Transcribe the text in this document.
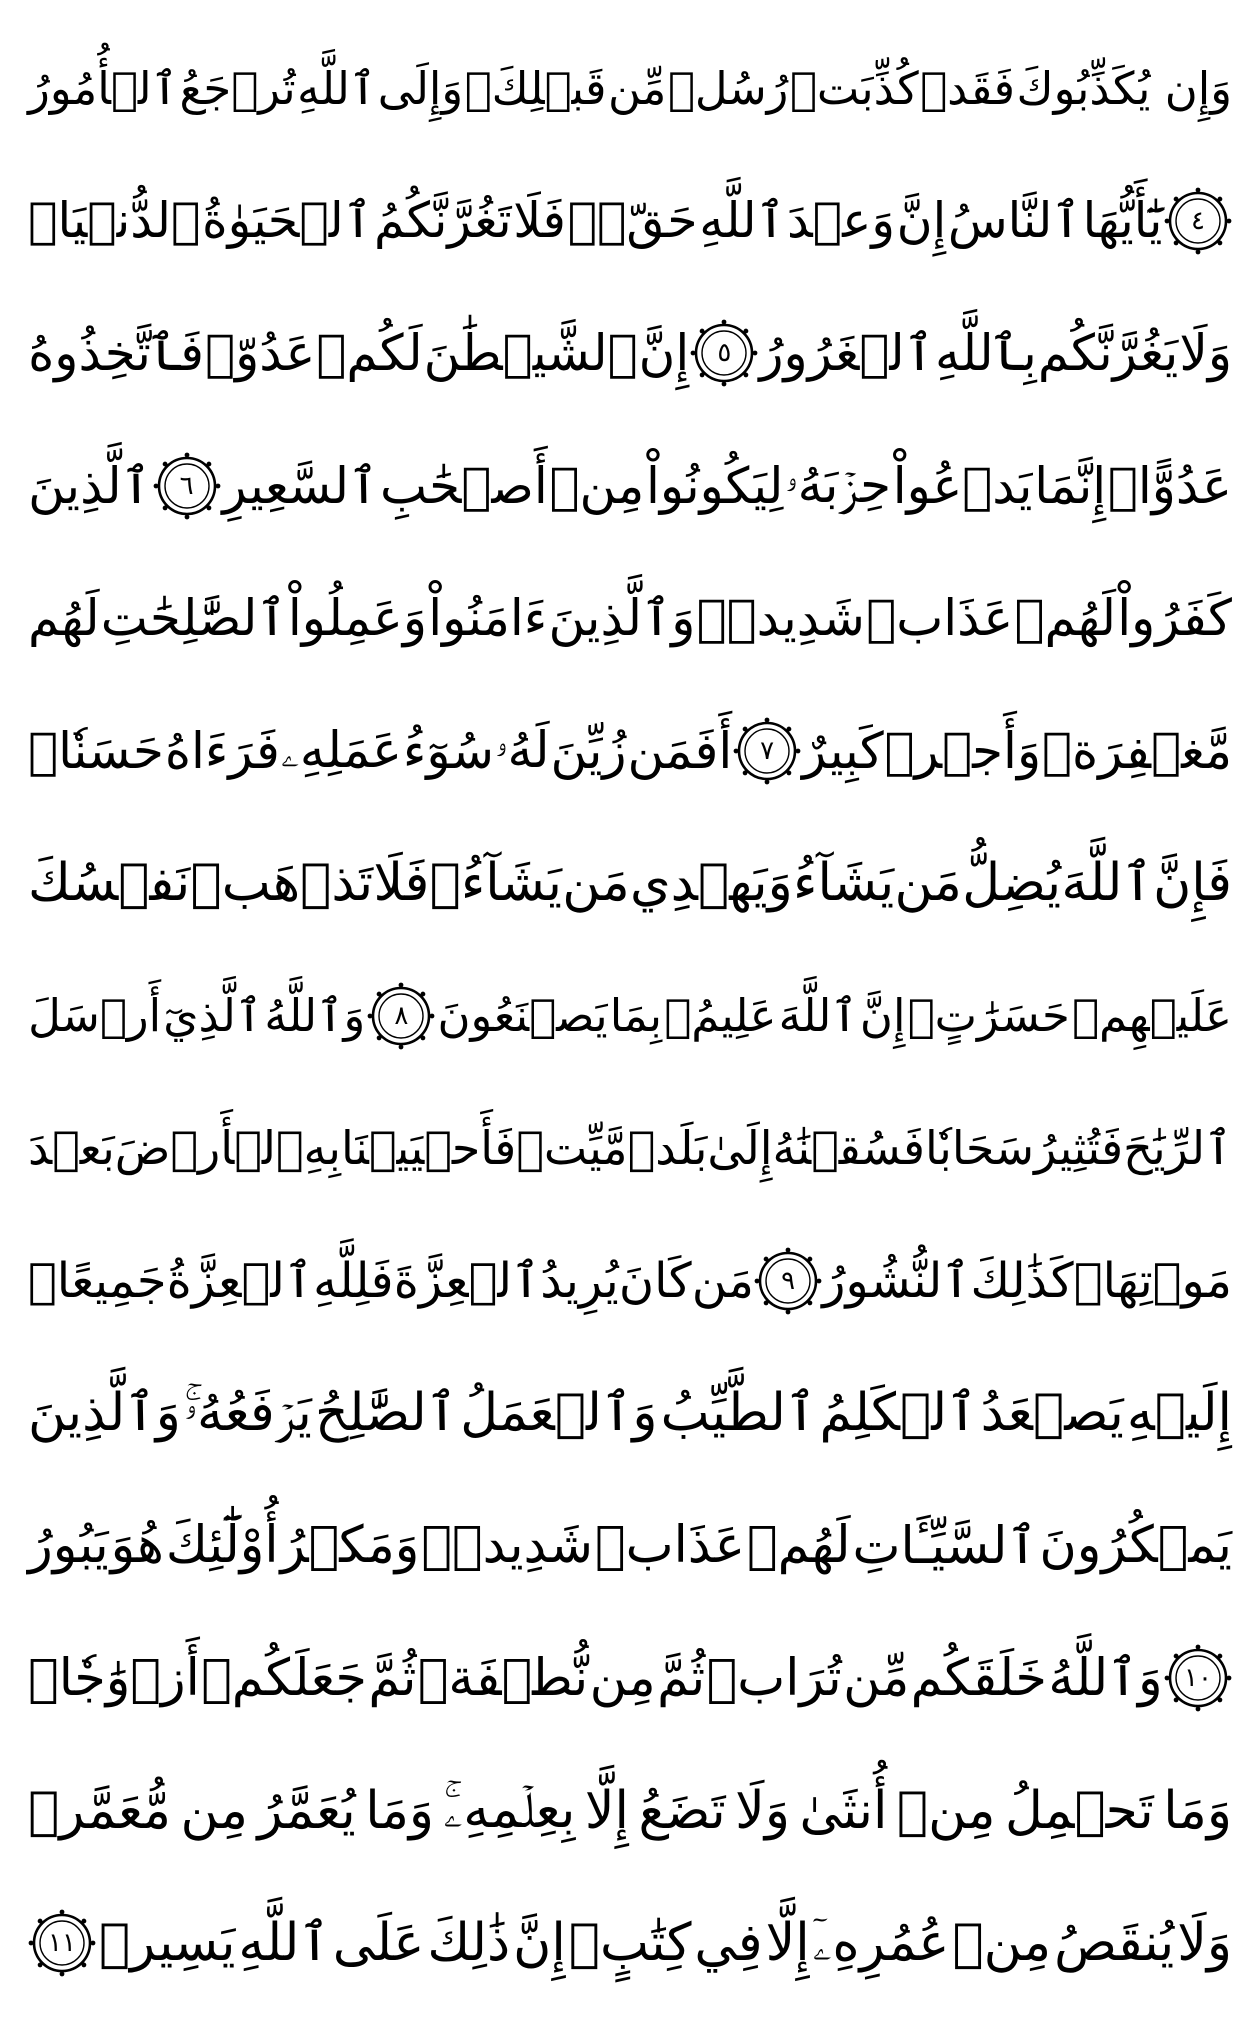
وَإِن يُكَذِّبُوكَ
فَقَدۡ
كُذِّبَتۡ
رُسُلٞ
مِّن
قَبۡلِكَۚ
وَإِلَى
ٱللَّهِ
تُرۡجَعُ
ٱلۡأُمُورُ
٤
يَٰٓأَيُّهَا
ٱلنَّاسُ
إِنَّ
وَعۡدَ
ٱللَّهِ
حَقّٞۖ
فَلَا
تَغُرَّنَّكُمُ
ٱلۡحَيَوٰةُ
ٱلدُّنۡيَاۖ
وَلَا
يَغُرَّنَّكُم
بِٱللَّهِ
ٱلۡغَرُورُ
٥
إِنَّ
ٱلشَّيۡطَٰنَ
لَكُمۡ
عَدُوّٞ
فَٱتَّخِذُوهُ
عَدُوًّاۚ
إِنَّمَا
يَدۡعُواْ
حِزۡبَهُۥ
لِيَكُونُواْ
مِنۡ
أَصۡحَٰبِ
ٱلسَّعِيرِ
٦
ٱلَّذِينَ
كَفَرُواْ
لَهُمۡ
عَذَابٞ
شَدِيدٞۖ
وَٱلَّذِينَ
ءَامَنُواْ
وَعَمِلُواْ
ٱلصَّٰلِحَٰتِ
لَهُم
مَّغۡفِرَةٞ
وَأَجۡرٞ
كَبِيرٌ
٧
أَفَمَن
زُيِّنَ
لَهُۥ
سُوٓءُ
عَمَلِهِۦ
فَرَءَاهُ
حَسَنٗاۖ
فَإِنَّ
ٱللَّهَ
يُضِلُّ
مَن
يَشَآءُ
وَيَهۡدِي
مَن
يَشَآءُۖ
فَلَا
تَذۡهَبۡ
نَفۡسُكَ
عَلَيۡهِمۡ
حَسَرَٰتٍۚ
إِنَّ
ٱللَّهَ
عَلِيمُۢ
بِمَا
يَصۡنَعُونَ
٨
وَٱللَّهُ
ٱلَّذِيٓ
أَرۡسَلَ
ٱلرِّيَٰحَ
فَتُثِيرُ
سَحَابٗا
فَسُقۡنَٰهُ
إِلَىٰ
بَلَدٖ
مَّيِّتٖ
فَأَحۡيَيۡنَا
بِهِ
ٱلۡأَرۡضَ
بَعۡدَ
مَوۡتِهَاۚ
كَذَٰلِكَ
ٱلنُّشُورُ
٩
مَن
كَانَ
يُرِيدُ
ٱلۡعِزَّةَ
فَلِلَّهِ
ٱلۡعِزَّةُ
جَمِيعًاۚ
إِلَيۡهِ
يَصۡعَدُ
ٱلۡكَلِمُ
ٱلطَّيِّبُ
وَٱلۡعَمَلُ
ٱلصَّٰلِحُ
يَرۡفَعُهُۥۚ
وَٱلَّذِينَ
يَمۡكُرُونَ
ٱلسَّيِّـَٔاتِ
لَهُمۡ
عَذَابٞ
شَدِيدٞۖ
وَمَكۡرُ
أُوْلَٰٓئِكَ
هُوَ
يَبُورُ
١٠
وَٱللَّهُ
خَلَقَكُم
مِّن
تُرَابٖ
ثُمَّ
مِن
نُّطۡفَةٖ
ثُمَّ
جَعَلَكُمۡ
أَزۡوَٰجٗاۚ
وَمَا
تَحۡمِلُ
مِنۡ
أُنثَىٰ
وَلَا
تَضَعُ
إِلَّا
بِعِلۡمِهِۦۚ
وَمَا
يُعَمَّرُ
مِن
مُّعَمَّرٖ
وَلَا
يُنقَصُ
مِنۡ
عُمُرِهِۦٓ
إِلَّا
فِي
كِتَٰبٍۚ
إِنَّ
ذَٰلِكَ
عَلَى
ٱللَّهِ
يَسِيرٞ
١١
